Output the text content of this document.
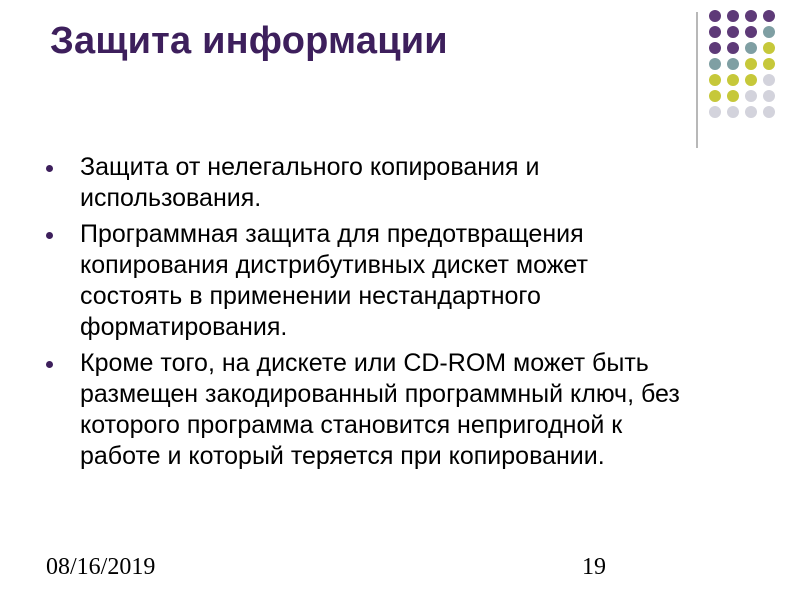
Защита информации
Защита от нелегального копирования и использования.
Программная защита для предотвращения копирования дистрибутивных дискет может состоять в применении нестандартного форматирования.
Кроме того, на дискете или CD-ROM может быть размещен закодированный программный ключ, без которого программа становится непригодной к работе и который теряется при копировании.
08/16/2019	19
